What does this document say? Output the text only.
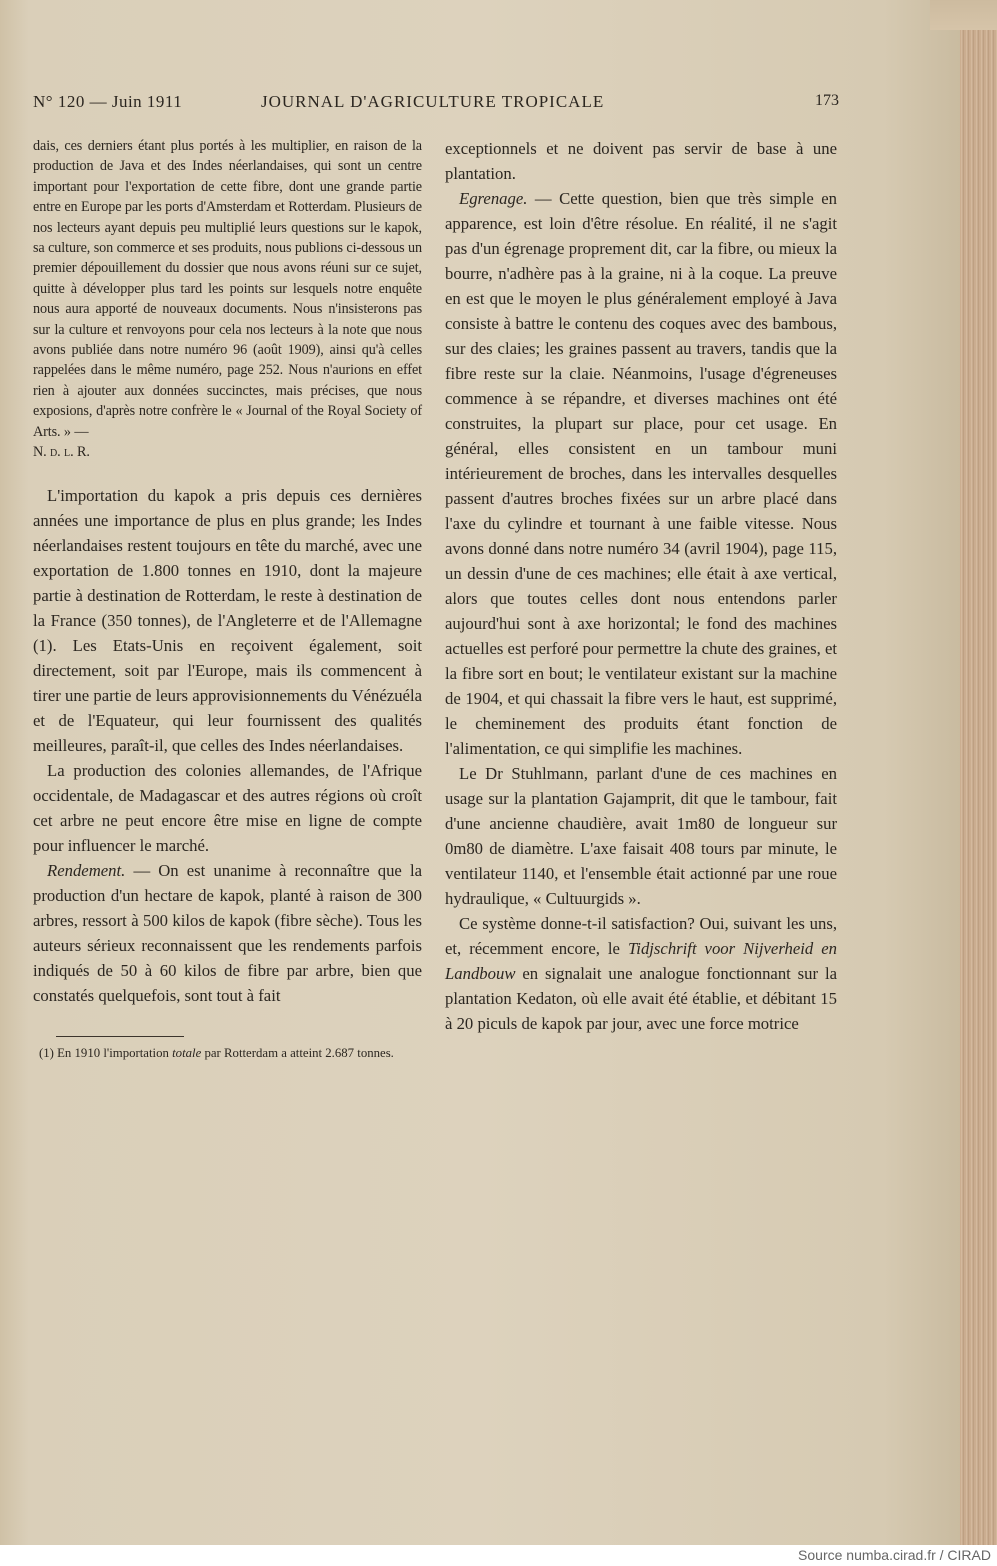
N° 120 — Juin 1911	JOURNAL D'AGRICULTURE TROPICALE	173

dais, ces derniers étant plus portés à les multiplier, en raison de la production de Java et des Indes néerlandaises, qui sont un centre important pour l'exportation de cette fibre, dont une grande partie entre en Europe par les ports d'Amsterdam et Rotterdam. Plusieurs de nos lecteurs ayant depuis peu multiplié leurs questions sur le kapok, sa culture, son commerce et ses produits, nous publions ci-dessous un premier dépouillement du dossier que nous avons réuni sur ce sujet, quitte à développer plus tard les points sur lesquels notre enquête nous aura apporté de nouveaux documents. Nous n'insisterons pas sur la culture et renvoyons pour cela nos lecteurs à la note que nous avons publiée dans notre numéro 96 (août 1909), ainsi qu'à celles rappelées dans le même numéro, page 252. Nous n'aurions en effet rien à ajouter aux données succinctes, mais précises, que nous exposions, d'après notre confrère le « Journal of the Royal Society of Arts. » —
N. d. l. R.

L'importation du kapok a pris depuis ces dernières années une importance de plus en plus grande; les Indes néerlandaises restent toujours en tête du marché, avec une exportation de 1.800 tonnes en 1910, dont la majeure partie à destination de Rotterdam, le reste à destination de la France (350 tonnes), de l'Angleterre et de l'Allemagne (1). Les Etats-Unis en reçoivent également, soit directement, soit par l'Europe, mais ils commencent à tirer une partie de leurs approvisionnements du Vénézuéla et de l'Equateur, qui leur fournissent des qualités meilleures, paraît-il, que celles des Indes néerlandaises.

La production des colonies allemandes, de l'Afrique occidentale, de Madagascar et des autres régions où croît cet arbre ne peut encore être mise en ligne de compte pour influencer le marché.

Rendement. — On est unanime à reconnaître que la production d'un hectare de kapok, planté à raison de 300 arbres, ressort à 500 kilos de kapok (fibre sèche). Tous les auteurs sérieux reconnaissent que les rendements parfois indiqués de 50 à 60 kilos de fibre par arbre, bien que constatés quelquefois, sont tout à fait

(1) En 1910 l'importation totale par Rotterdam a atteint 2.687 tonnes.

exceptionnels et ne doivent pas servir de base à une plantation.

Egrenage. — Cette question, bien que très simple en apparence, est loin d'être résolue. En réalité, il ne s'agit pas d'un égrenage proprement dit, car la fibre, ou mieux la bourre, n'adhère pas à la graine, ni à la coque. La preuve en est que le moyen le plus généralement employé à Java consiste à battre le contenu des coques avec des bambous, sur des claies; les graines passent au travers, tandis que la fibre reste sur la claie. Néanmoins, l'usage d'égreneuses commence à se répandre, et diverses machines ont été construites, la plupart sur place, pour cet usage. En général, elles consistent en un tambour muni intérieurement de broches, dans les intervalles desquelles passent d'autres broches fixées sur un arbre placé dans l'axe du cylindre et tournant à une faible vitesse. Nous avons donné dans notre numéro 34 (avril 1904), page 115, un dessin d'une de ces machines; elle était à axe vertical, alors que toutes celles dont nous entendons parler aujourd'hui sont à axe horizontal; le fond des machines actuelles est perforé pour permettre la chute des graines, et la fibre sort en bout; le ventilateur existant sur la machine de 1904, et qui chassait la fibre vers le haut, est supprimé, le cheminement des produits étant fonction de l'alimentation, ce qui simplifie les machines.

Le Dr Stuhlmann, parlant d'une de ces machines en usage sur la plantation Gajamprit, dit que le tambour, fait d'une ancienne chaudière, avait 1m80 de longueur sur 0m80 de diamètre. L'axe faisait 408 tours par minute, le ventilateur 1140, et l'ensemble était actionné par une roue hydraulique, « Cultuurgids ».

Ce système donne-t-il satisfaction? Oui, suivant les uns, et, récemment encore, le Tidjschrift voor Nijverheid en Landbouw en signalait une analogue fonctionnant sur la plantation Kedaton, où elle avait été établie, et débitant 15 à 20 piculs de kapok par jour, avec une force motrice

Source numba.cirad.fr / CIRAD
